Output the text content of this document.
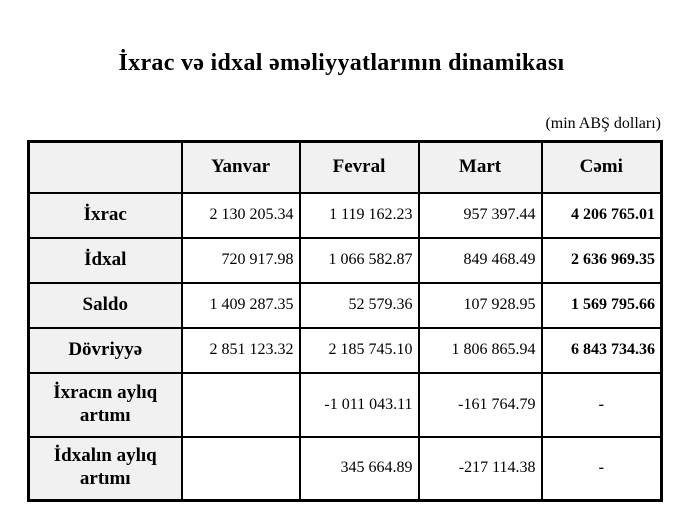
İxrac və idxal əməliyyatlarının dinamikası
(min ABŞ dolları)
	Yanvar	Fevral	Mart	Cəmi
İxrac	2 130 205.34	1 119 162.23	957 397.44	4 206 765.01
İdxal	720 917.98	1 066 582.87	849 468.49	2 636 969.35
Saldo	1 409 287.35	52 579.36	107 928.95	1 569 795.66
Dövriyyə	2 851 123.32	2 185 745.10	1 806 865.94	6 843 734.36
İxracın aylıq artımı		-1 011 043.11	-161 764.79	-
İdxalın aylıq artımı		345 664.89	-217 114.38	-
